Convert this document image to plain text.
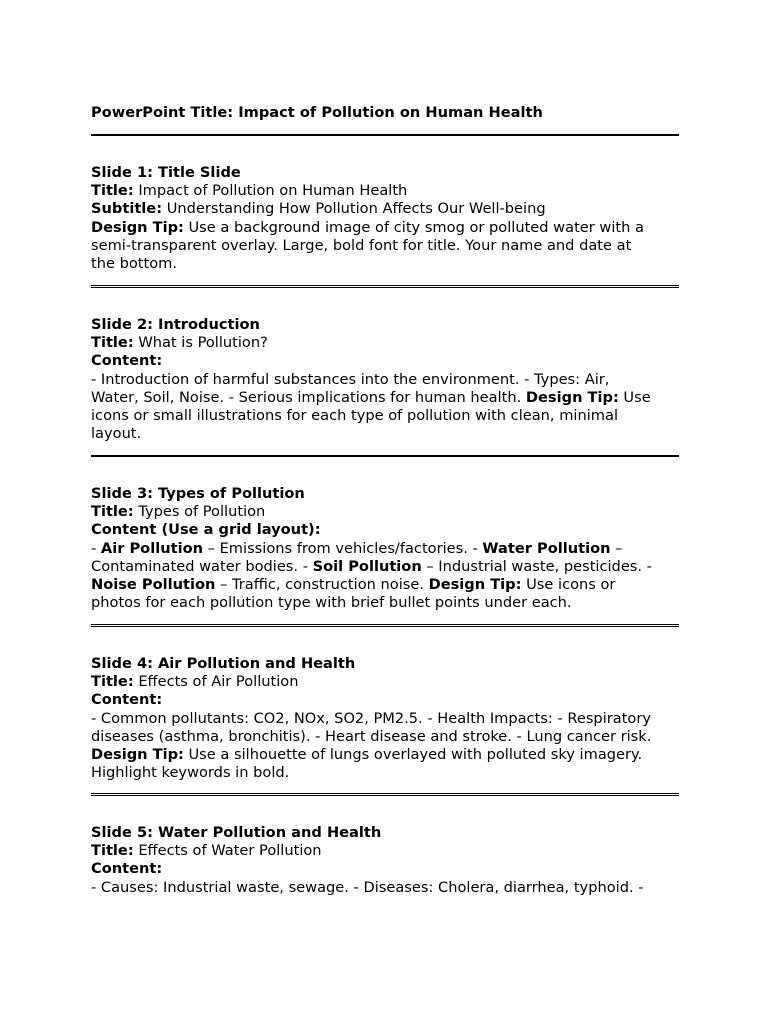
PowerPoint Title: Impact of Pollution on Human Health
Slide 1: Title Slide
Title: Impact of Pollution on Human Health
Subtitle: Understanding How Pollution Affects Our Well-being
Design Tip: Use a background image of city smog or polluted water with a
semi-transparent overlay. Large, bold font for title. Your name and date at
the bottom.
Slide 2: Introduction
Title: What is Pollution?
Content:
- Introduction of harmful substances into the environment. - Types: Air,
Water, Soil, Noise. - Serious implications for human health. Design Tip: Use
icons or small illustrations for each type of pollution with clean, minimal
layout.
Slide 3: Types of Pollution
Title: Types of Pollution
Content (Use a grid layout):
- Air Pollution – Emissions from vehicles/factories. - Water Pollution –
Contaminated water bodies. - Soil Pollution – Industrial waste, pesticides. -
Noise Pollution – Traffic, construction noise. Design Tip: Use icons or
photos for each pollution type with brief bullet points under each.
Slide 4: Air Pollution and Health
Title: Effects of Air Pollution
Content:
- Common pollutants: CO2, NOx, SO2, PM2.5. - Health Impacts: - Respiratory
diseases (asthma, bronchitis). - Heart disease and stroke. - Lung cancer risk.
Design Tip: Use a silhouette of lungs overlayed with polluted sky imagery.
Highlight keywords in bold.
Slide 5: Water Pollution and Health
Title: Effects of Water Pollution
Content:
- Causes: Industrial waste, sewage. - Diseases: Cholera, diarrhea, typhoid. -
